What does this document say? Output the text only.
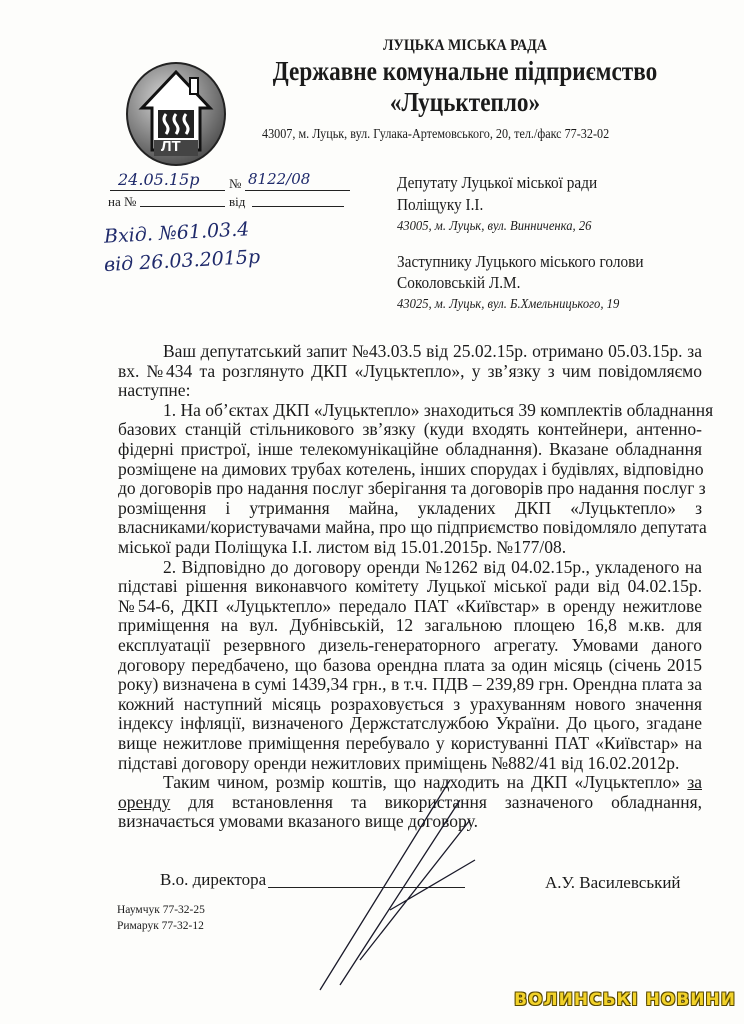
ЛТ
ЛУЦЬКА МІСЬКА РАДА
Державне комунальне підприємство
«Луцьктепло»
43007, м. Луцьк, вул. Гулака-Артемовського, 20, тел./факс 77-32-02
24.05.15р № 8122/08
на №	від
Вхід. №61.03.4
від 26.03.2015р
Депутату Луцької міської ради
Поліщуку І.І.
43005, м. Луцьк, вул. Винниченка, 26
Заступнику Луцького міського голови
Соколовській Л.М.
43025, м. Луцьк, вул. Б.Хмельницького, 19
Ваш депутатський запит №43.03.5 від 25.02.15р. отримано 05.03.15р. за
вх. №434 та розглянуто ДКП «Луцьктепло», у зв’язку з чим повідомляємо
наступне:
1. На об’єктах ДКП «Луцьктепло» знаходиться 39 комплектів обладнання
базових станцій стільникового зв’язку (куди входять контейнери, антенно-
фідерні пристрої, інше телекомунікаційне обладнання). Вказане обладнання
розміщене на димових трубах котелень, інших спорудах і будівлях, відповідно
до договорів про надання послуг зберігання та договорів про надання послуг з
розміщення і утримання майна, укладених ДКП «Луцьктепло» з
власниками/користувачами майна, про що підприємство повідомляло депутата
міської ради Поліщука І.І. листом від 15.01.2015р. №177/08.
2. Відповідно до договору оренди №1262 від 04.02.15р., укладеного на
підставі рішення виконавчого комітету Луцької міської ради від 04.02.15р.
№54-6, ДКП «Луцьктепло» передало ПАТ «Київстар» в оренду нежитлове
приміщення на вул. Дубнівській, 12 загальною площею 16,8 м.кв. для
експлуатації резервного дизель-генераторного агрегату. Умовами даного
договору передбачено, що базова орендна плата за один місяць (січень 2015
року) визначена в сумі 1439,34 грн., в т.ч. ПДВ – 239,89 грн. Орендна плата за
кожний наступний місяць розраховується з урахуванням нового значення
індексу інфляції, визначеного Держстатслужбою України. До цього, згадане
вище нежитлове приміщення перебувало у користуванні ПАТ «Київстар» на
підставі договору оренди нежитлових приміщень №882/41 від 16.02.2012р.
Таким чином, розмір коштів, що надходить на ДКП «Луцьктепло» за
оренду для встановлення та використання зазначеного обладнання,
визначається умовами вказаного вище договору.
В.о. директора	А.У. Василевський
Наумчук 77-32-25
Римарук 77-32-12
ВОЛИНСЬКІ НОВИНИ
